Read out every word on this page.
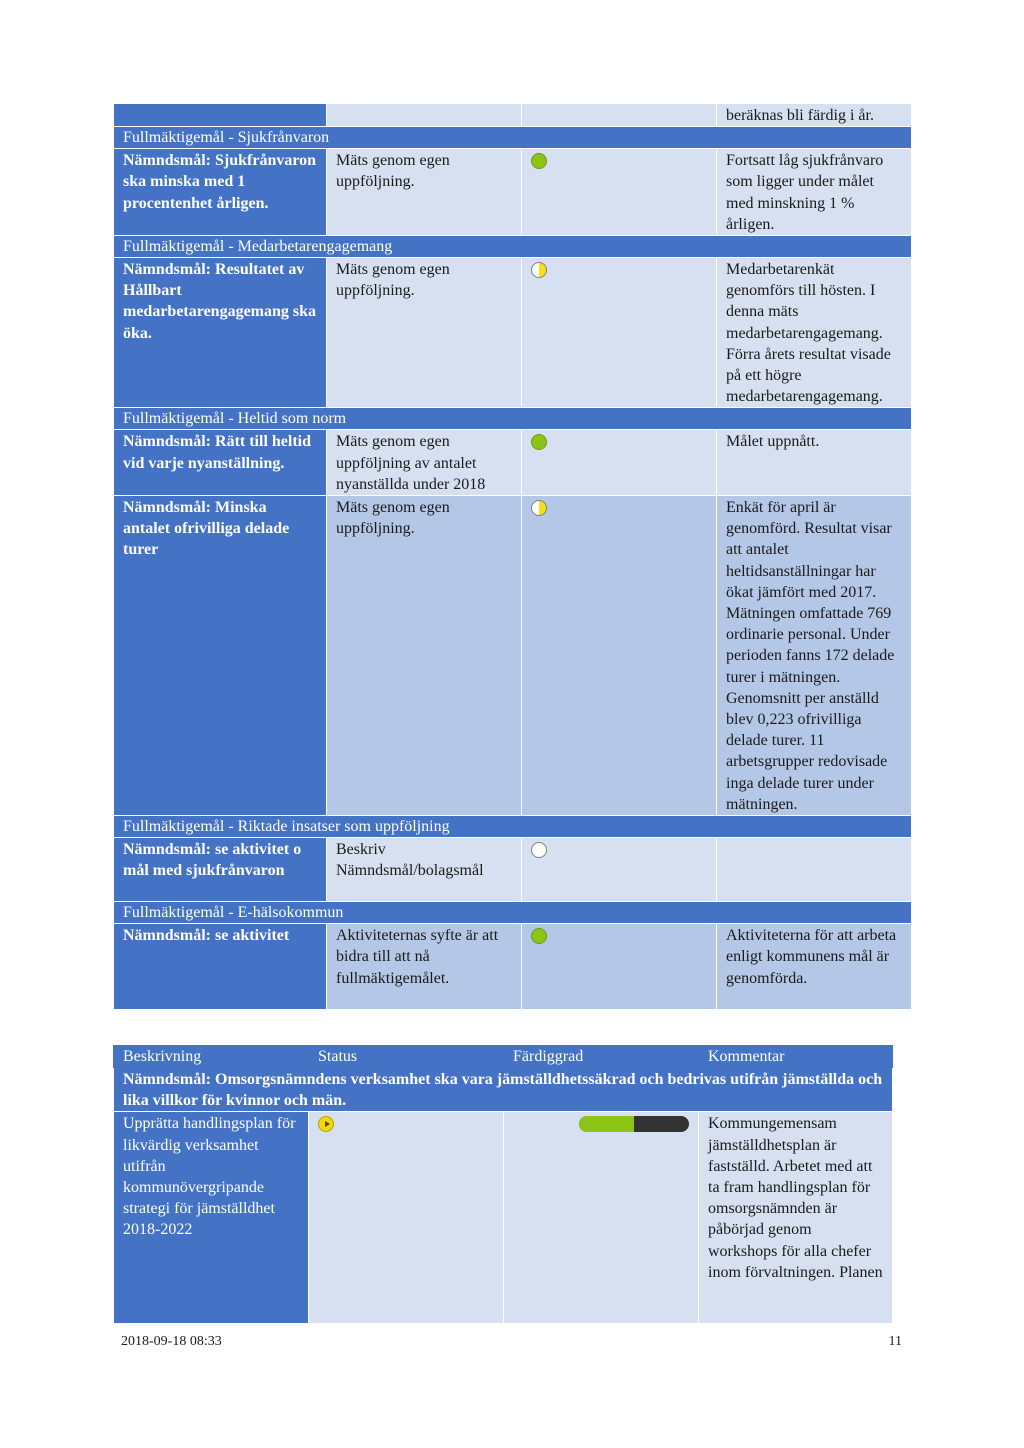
			beräknas bli färdig i år.
Fullmäktigemål - Sjukfrånvaron			
Nämndsmål: Sjukfrånvaron ska minska med 1 procentenhet årligen.	Mäts genom egen uppföljning.		Fortsatt låg sjukfrånvaro som ligger under målet med minskning 1 % årligen.
Fullmäktigemål - Medarbetarengagemang			
Nämndsmål: Resultatet av Hållbart medarbetarengagemang ska öka.	Mäts genom egen uppföljning.		Medarbetarenkät genomförs till hösten. I denna mäts medarbetarengagemang. Förra årets resultat visade på ett högre medarbetarengagemang.
Fullmäktigemål - Heltid som norm			
Nämndsmål: Rätt till heltid vid varje nyanställning.	Mäts genom egen uppföljning av antalet nyanställda under 2018		Målet uppnått.
Nämndsmål: Minska antalet ofrivilliga delade turer	Mäts genom egen uppföljning.		Enkät för april är genomförd. Resultat visar att antalet heltidsanställningar har ökat jämfört med 2017. Mätningen omfattade 769 ordinarie personal. Under perioden fanns 172 delade turer i mätningen. Genomsnitt per anställd blev 0,223 ofrivilliga delade turer. 11 arbetsgrupper redovisade inga delade turer under mätningen.
Fullmäktigemål - Riktade insatser som uppföljning			
Nämndsmål: se aktivitet o mål med sjukfrånvaron	Beskriv Nämndsmål/bolagsmål		
Fullmäktigemål - E-hälsokommun			
Nämndsmål: se aktivitet	Aktiviteternas syfte är att bidra till att nå fullmäktigemålet.		Aktiviteterna för att arbeta enligt kommunens mål är genomförda.
Beskrivning	Status	Färdiggrad	Kommentar
Nämndsmål: Omsorgsnämndens verksamhet ska vara jämställdhetssäkrad och bedrivas utifrån jämställda och lika villkor för kvinnor och män.			
Upprätta handlingsplan för likvärdig verksamhet utifrån kommunövergripande strategi för jämställdhet 2018-2022			Kommungemensam jämställdhetsplan är fastställd. Arbetet med att ta fram handlingsplan för omsorgsnämnden är påbörjad genom workshops för alla chefer inom förvaltningen. Planen
2018-09-18 08:33	11
